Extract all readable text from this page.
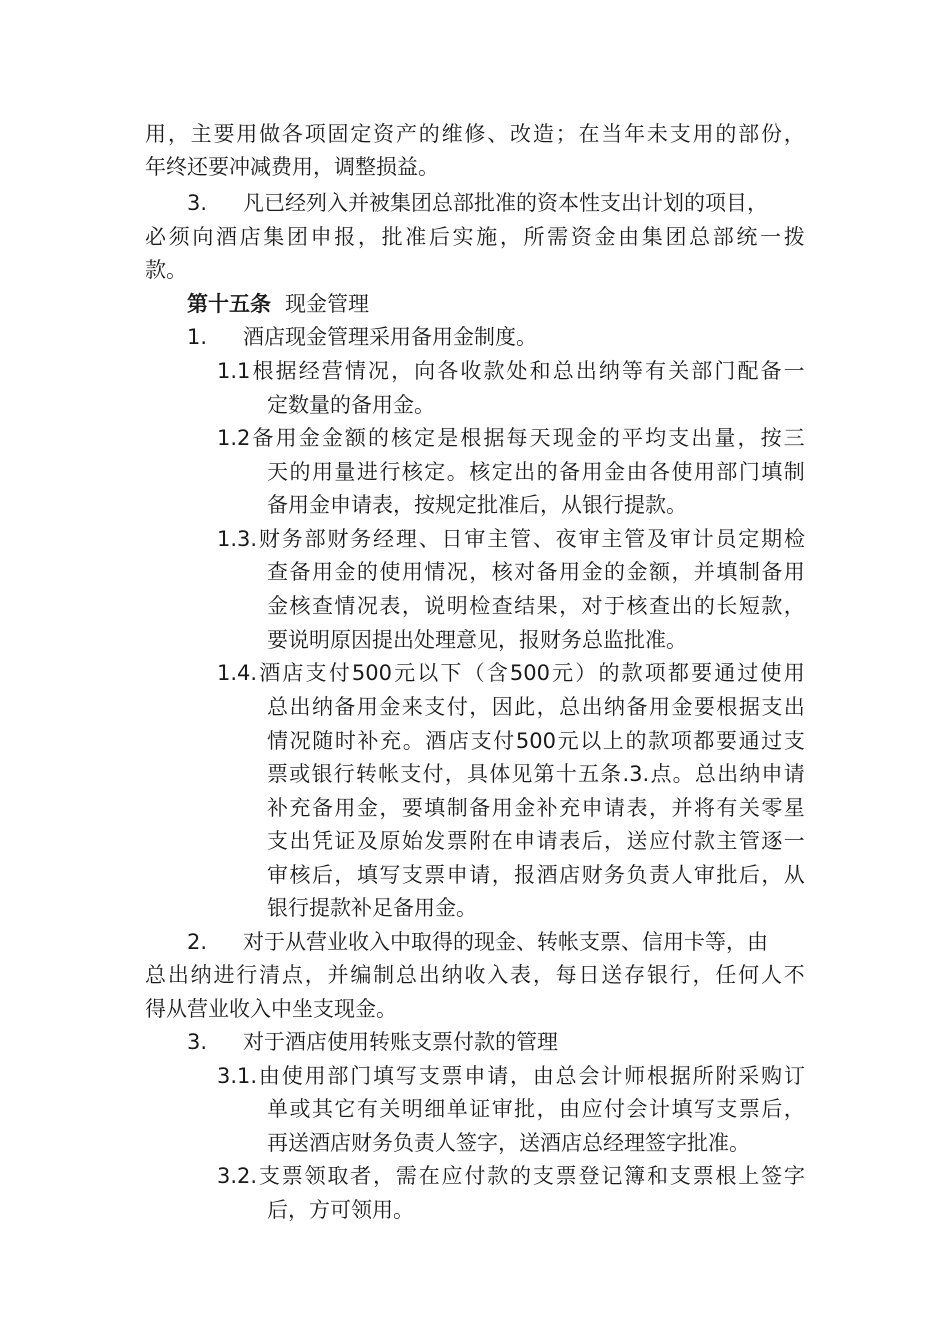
用 ， 主 要 用 做 各 项 固 定 资 产 的 维 修 、 改 造 ； 在 当 年 未 支 用 的 部 份 ，
年终还要冲减费用，调整损益。
3. 凡已经列入并被集团总部批准的资本性支出计划的项目，
必 须 向 酒 店 集 团 申 报 ， 批 准 后 实 施 ， 所 需 资 金 由 集 团 总 部 统 一 拨
款。
第十五条 现金管理
1. 酒店现金管理采用备用金制度。
1.1 根 据 经 营 情 况 ， 向 各 收 款 处 和 总 出 纳 等 有 关 部 门 配 备 一
定数量的备用金。
1.2 备 用 金 金 额 的 核 定 是 根 据 每 天 现 金 的 平 均 支 出 量 ， 按 三
天 的 用 量 进 行 核 定 。 核 定 出 的 备 用 金 由 各 使 用 部 门 填 制
备用金申请表，按规定批准后，从银行提款。
1.3. 财 务 部 财 务 经 理 、 日 审 主 管 、 夜 审 主 管 及 审 计 员 定 期 检
查 备 用 金 的 使 用 情 况 ， 核 对 备 用 金 的 金 额 ， 并 填 制 备 用
金 核 查 情 况 表 ， 说 明 检 查 结 果 ， 对 于 核 查 出 的 长 短 款 ，
要说明原因提出处理意见，报财务总监批准。
1.4. 酒 店 支 付 500 元 以 下 （ 含 500 元 ） 的 款 项 都 要 通 过 使 用
总 出 纳 备 用 金 来 支 付 ， 因 此 ， 总 出 纳 备 用 金 要 根 据 支 出
情 况 随 时 补 充 。 酒 店 支 付 500 元 以 上 的 款 项 都 要 通 过 支
票 或 银 行 转 帐 支 付 ， 具 体 见 第 十 五 条 .3. 点 。 总 出 纳 申 请
补 充 备 用 金 ， 要 填 制 备 用 金 补 充 申 请 表 ， 并 将 有 关 零 星
支 出 凭 证 及 原 始 发 票 附 在 申 请 表 后 ， 送 应 付 款 主 管 逐 一
审 核 后 ， 填 写 支 票 申 请 ， 报 酒 店 财 务 负 责 人 审 批 后 ， 从
银行提款补足备用金。
2. 对于从营业收入中取得的现金、转帐支票、信用卡等，由
总 出 纳 进 行 清 点 ， 并 编 制 总 出 纳 收 入 表 ， 每 日 送 存 银 行 ， 任 何 人 不
得从营业收入中坐支现金。
3. 对于酒店使用转账支票付款的管理
3.1. 由 使 用 部 门 填 写 支 票 申 请 ， 由 总 会 计 师 根 据 所 附 采 购 订
单 或 其 它 有 关 明 细 单 证 审 批 ， 由 应 付 会 计 填 写 支 票 后 ，
再送酒店财务负责人签字，送酒店总经理签字批准。
3.2. 支 票 领 取 者 ， 需 在 应 付 款 的 支 票 登 记 簿 和 支 票 根 上 签 字
后，方可领用。
